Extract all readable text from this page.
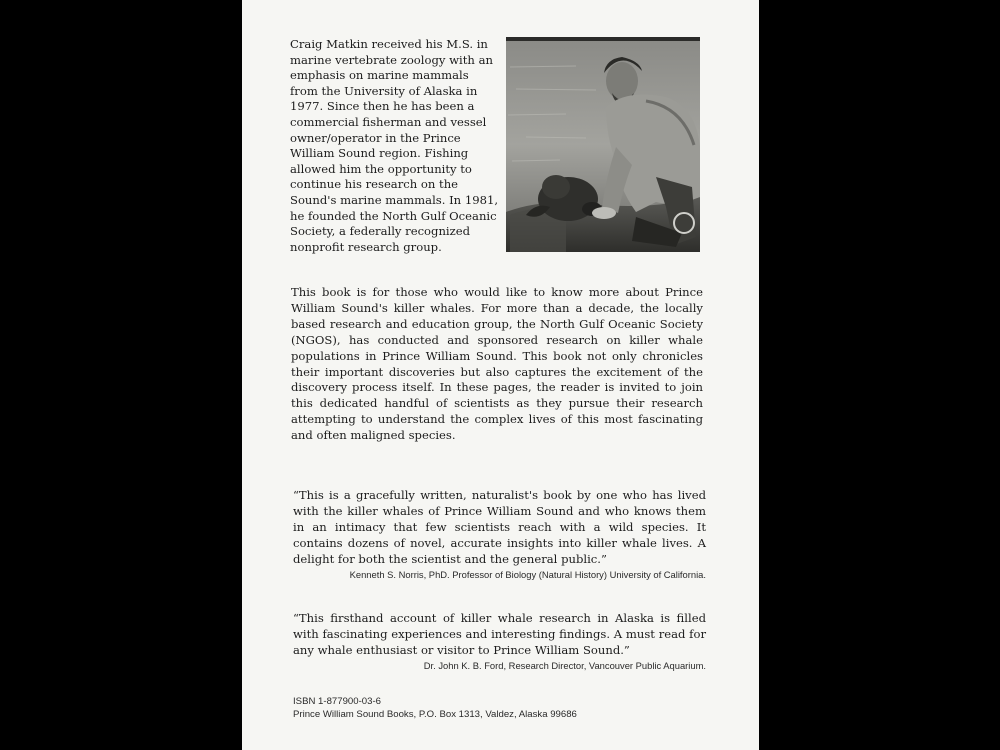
Craig Matkin received his M.S. in marine vertebrate zoology with an emphasis on marine mammals from the University of Alaska in 1977. Since then he has been a commercial fisherman and vessel owner/operator in the Prince William Sound region. Fishing allowed him the opportunity to continue his research on the Sound's marine mammals. In 1981, he founded the North Gulf Oceanic Society, a federally recognized nonprofit research group.

This book is for those who would like to know more about Prince William Sound's killer whales. For more than a decade, the locally based research and education group, the North Gulf Oceanic Society (NGOS), has conducted and sponsored research on killer whale populations in Prince William Sound. This book not only chronicles their important discoveries but also captures the excitement of the discovery process itself. In these pages, the reader is invited to join this dedicated handful of scientists as they pursue their research attempting to understand the complex lives of this most fascinating and often maligned species.

“This is a gracefully written, naturalist's book by one who has lived with the killer whales of Prince William Sound and who knows them in an intimacy that few scientists reach with a wild species. It contains dozens of novel, accurate insights into killer whale lives. A delight for both the scientist and the general public.”

Kenneth S. Norris, PhD. Professor of Biology (Natural History) University of California.

“This firsthand account of killer whale research in Alaska is filled with fascinating experiences and interesting findings. A must read for any whale enthusiast or visitor to Prince William Sound.”

Dr. John K. B. Ford, Research Director, Vancouver Public Aquarium.
ISBN 1-877900-03-6
Prince William Sound Books, P.O. Box 1313, Valdez, Alaska 99686
